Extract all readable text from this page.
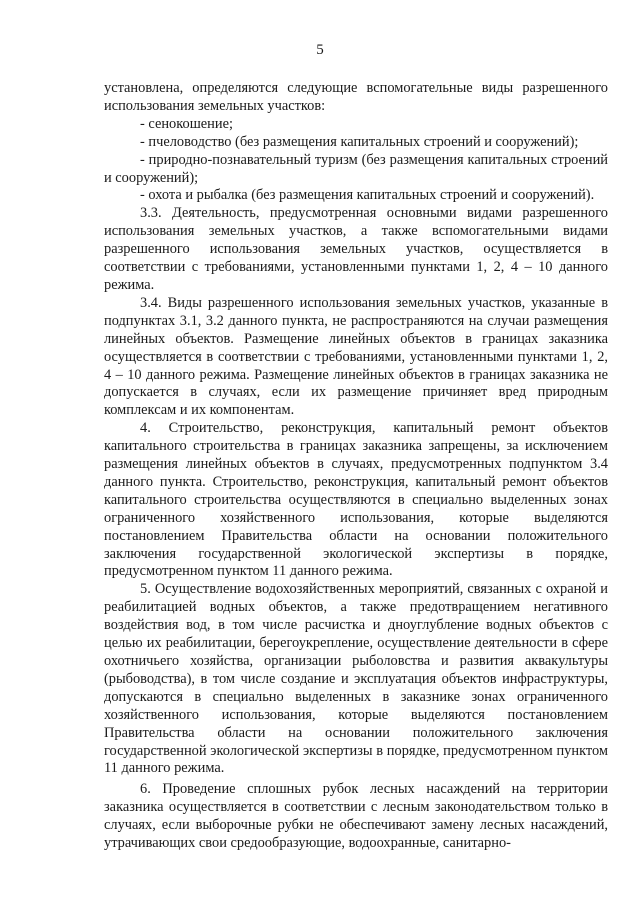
5

установлена, определяются следующие вспомогательные виды разрешенного использования земельных участков:

- сенокошение;

- пчеловодство (без размещения капитальных строений и сооружений);

- природно-познавательный туризм (без размещения капитальных строений и сооружений);

- охота и рыбалка (без размещения капитальных строений и сооружений).

3.3. Деятельность, предусмотренная основными видами разрешенного использования земельных участков, а также вспомогательными видами разрешенного использования земельных участков, осуществляется в соответствии с требованиями, установленными пунктами 1, 2, 4 – 10 данного режима.

3.4. Виды разрешенного использования земельных участков, указанные в подпунктах 3.1, 3.2 данного пункта, не распространяются на случаи размещения линейных объектов. Размещение линейных объектов в границах заказника осуществляется в соответствии с требованиями, установленными пунктами 1, 2, 4 – 10 данного режима. Размещение линейных объектов в границах заказника не допускается в случаях, если их размещение причиняет вред природным комплексам и их компонентам.

4. Строительство, реконструкция, капитальный ремонт объектов капитального строительства в границах заказника запрещены, за исключением размещения линейных объектов в случаях, предусмотренных подпунктом 3.4 данного пункта. Строительство, реконструкция, капитальный ремонт объектов капитального строительства осуществляются в специально выделенных зонах ограниченного хозяйственного использования, которые выделяются постановлением Правительства области на основании положительного заключения государственной экологической экспертизы в порядке, предусмотренном пунктом 11 данного режима.

5. Осуществление водохозяйственных мероприятий, связанных с охраной и реабилитацией водных объектов, а также предотвращением негативного воздействия вод, в том числе расчистка и дноуглубление водных объектов с целью их реабилитации, берегоукрепление, осуществление деятельности в сфере охотничьего хозяйства, организации рыболовства и развития аквакультуры (рыбоводства), в том числе создание и эксплуатация объектов инфраструктуры, допускаются в специально выделенных в заказнике зонах ограниченного хозяйственного использования, которые выделяются постановлением Правительства области на основании положительного заключения государственной экологической экспертизы в порядке, предусмотренном пунктом 11 данного режима.

6. Проведение сплошных рубок лесных насаждений на территории заказника осуществляется в соответствии с лесным законодательством только в случаях, если выборочные рубки не обеспечивают замену лесных насаждений, утрачивающих свои средообразующие, водоохранные, санитарно-
